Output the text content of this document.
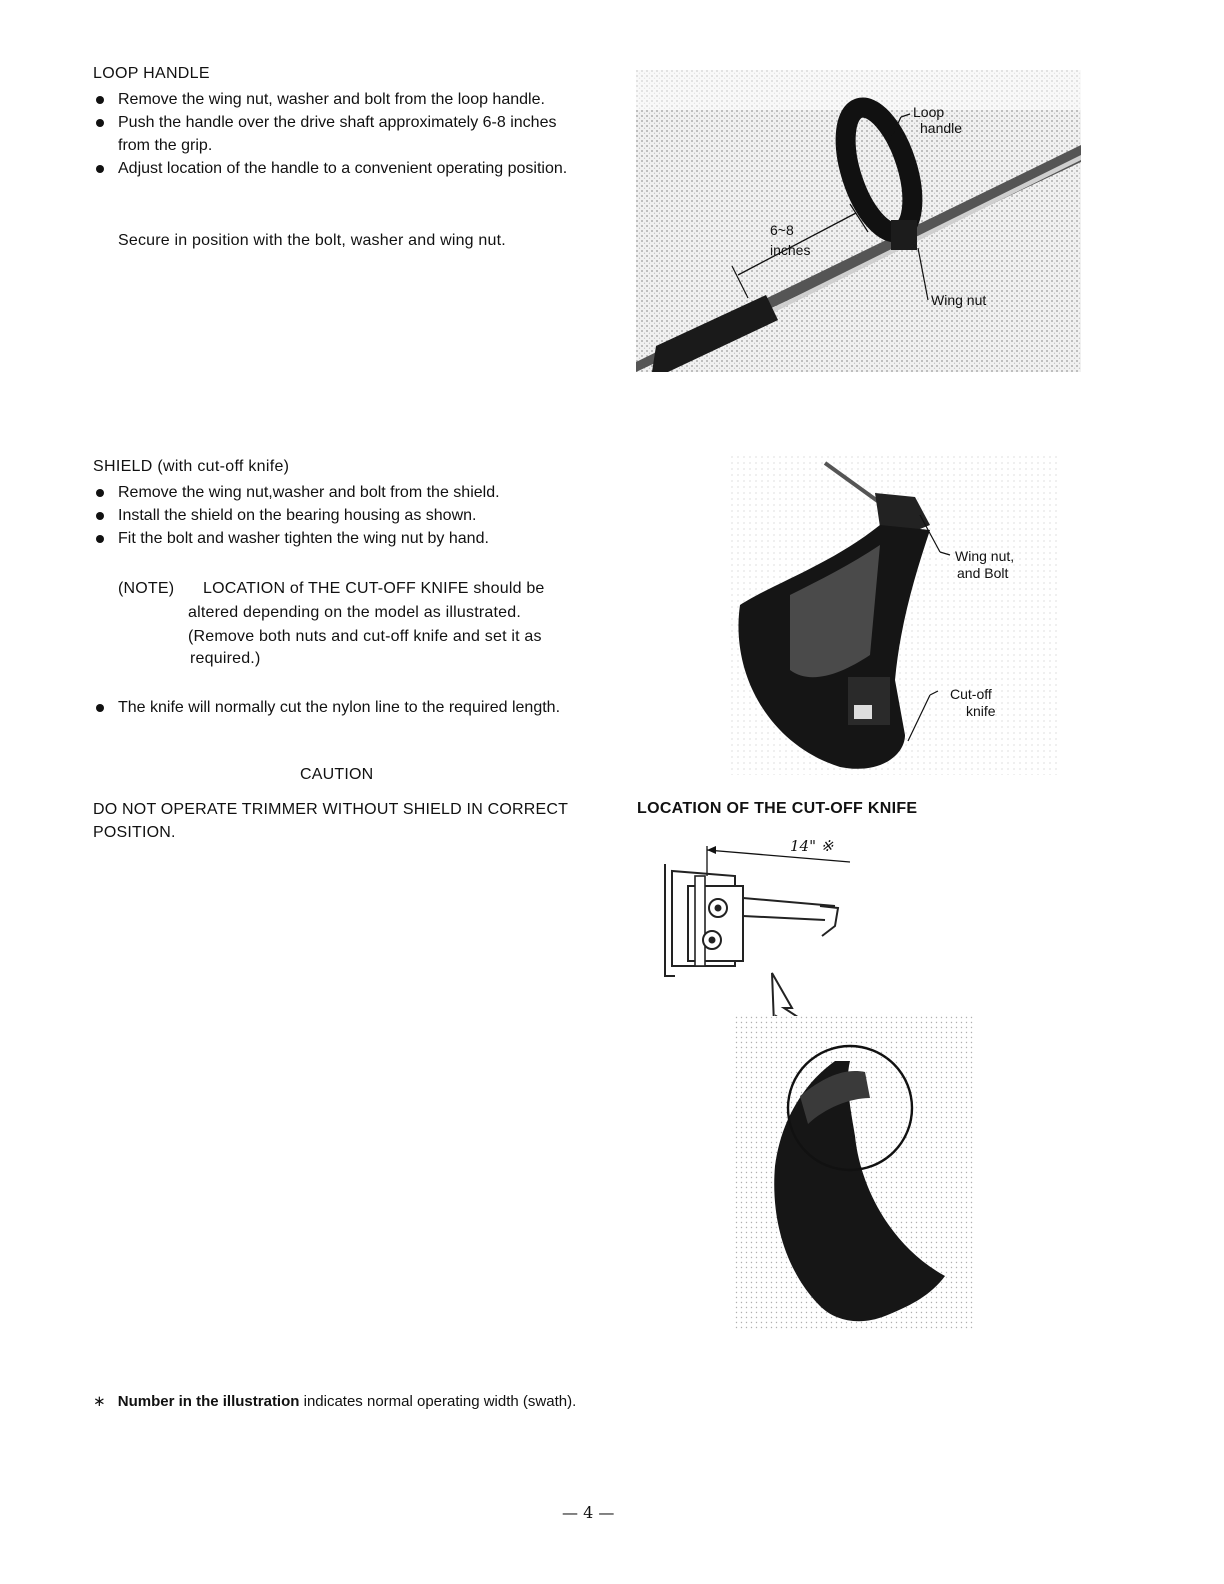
LOOP HANDLE
Remove the wing nut, washer and bolt from the loop handle.
Push the handle over the drive shaft approximately 6-8 inches from the grip.
Adjust location of the handle to a convenient operating position.
Secure in position with the bolt, washer and wing nut.
Loop
handle
6~8
inches
Wing nut
SHIELD (with cut-off knife)
Remove the wing nut,washer and bolt from the shield.
Install the shield on the bearing housing as shown.
Fit the bolt and washer tighten the wing nut by hand.
(NOTE) LOCATION of THE CUT-OFF KNIFE should be
altered depending on the model as illustrated.
(Remove both nuts and cut-off knife and set it as
required.)
The knife will normally cut the nylon line to the required length.
CAUTION
DO NOT OPERATE TRIMMER WITHOUT SHIELD IN CORRECT POSITION.
Wing nut,
and Bolt
Cut-off
knife
LOCATION OF THE CUT-OFF KNIFE
14" ※
∗ Number in the illustration indicates normal operating width (swath).
— 4 —
